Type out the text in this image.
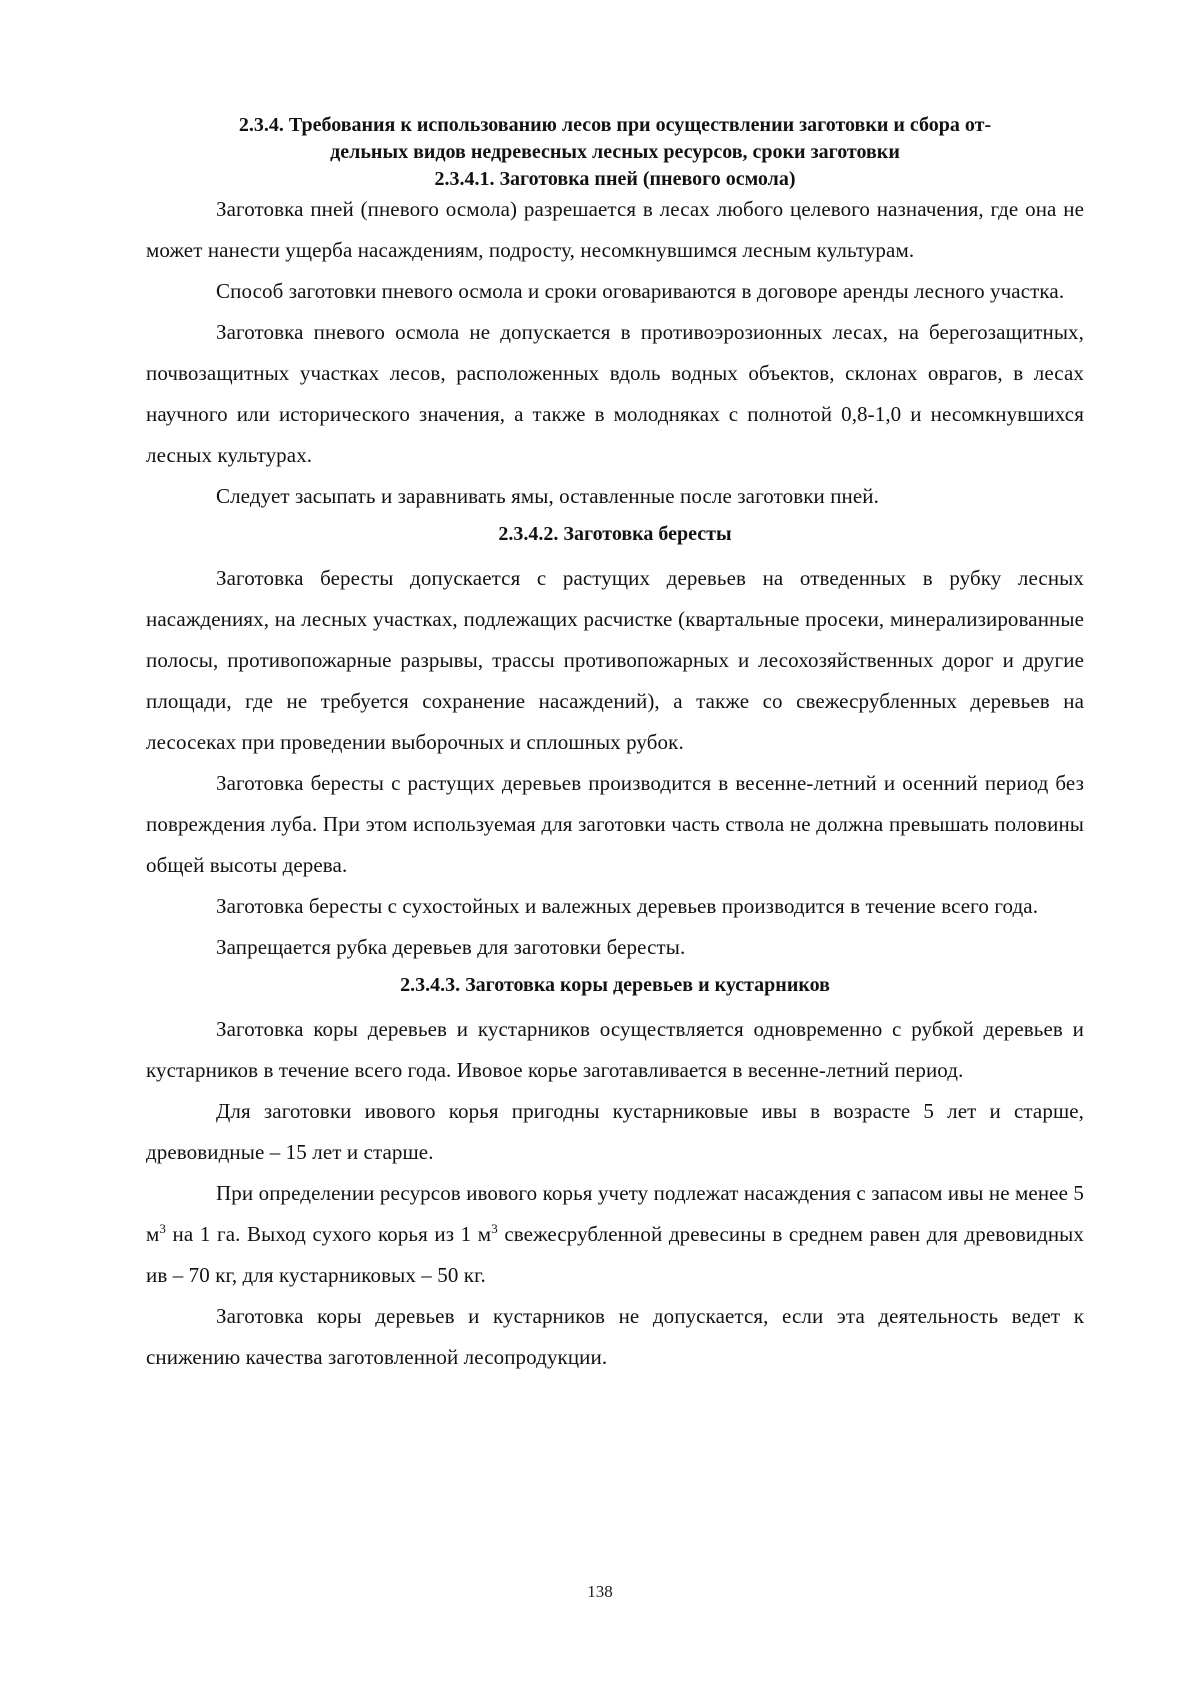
2.3.4. Требования к использованию лесов при осуществлении заготовки и сбора от-
дельных видов недревесных лесных ресурсов, сроки заготовки
2.3.4.1. Заготовка пней (пневого осмола)

Заготовка пней (пневого осмола) разрешается в лесах любого целевого назначения, где она не может нанести ущерба насаждениям, подросту, несомкнувшимся лесным культурам.

Способ заготовки пневого осмола и сроки оговариваются в договоре аренды лесного участка.

Заготовка пневого осмола не допускается в противоэрозионных лесах, на берегозащитных, почвозащитных участках лесов, расположенных вдоль водных объектов, склонах оврагов, в лесах научного или исторического значения, а также в молодняках с полнотой 0,8-1,0 и несомкнувшихся лесных культурах.

Следует засыпать и заравнивать ямы, оставленные после заготовки пней.

2.3.4.2. Заготовка бересты

Заготовка бересты допускается с растущих деревьев на отведенных в рубку лесных насаждениях, на лесных участках, подлежащих расчистке (квартальные просеки, минерализированные полосы, противопожарные разрывы, трассы противопожарных и лесохозяйственных дорог и другие площади, где не требуется сохранение насаждений), а также со свежесрубленных деревьев на лесосеках при проведении выборочных и сплошных рубок.

Заготовка бересты с растущих деревьев производится в весенне-летний и осенний период без повреждения луба. При этом используемая для заготовки часть ствола не должна превышать половины общей высоты дерева.

Заготовка бересты с сухостойных и валежных деревьев производится в течение всего года.

Запрещается рубка деревьев для заготовки бересты.

2.3.4.3. Заготовка коры деревьев и кустарников

Заготовка коры деревьев и кустарников осуществляется одновременно с рубкой деревьев и кустарников в течение всего года. Ивовое корье заготавливается в весенне-летний период.

Для заготовки ивового корья пригодны кустарниковые ивы в возрасте 5 лет и старше, древовидные – 15 лет и старше.

При определении ресурсов ивового корья учету подлежат насаждения с запасом ивы не менее 5 $м^3$ на 1 га. Выход сухого корья из 1 $м^3$ свежесрубленной древесины в среднем равен для древовидных ив – 70 кг, для кустарниковых – 50 кг.

Заготовка коры деревьев и кустарников не допускается, если эта деятельность ведет к снижению качества заготовленной лесопродукции.

138
